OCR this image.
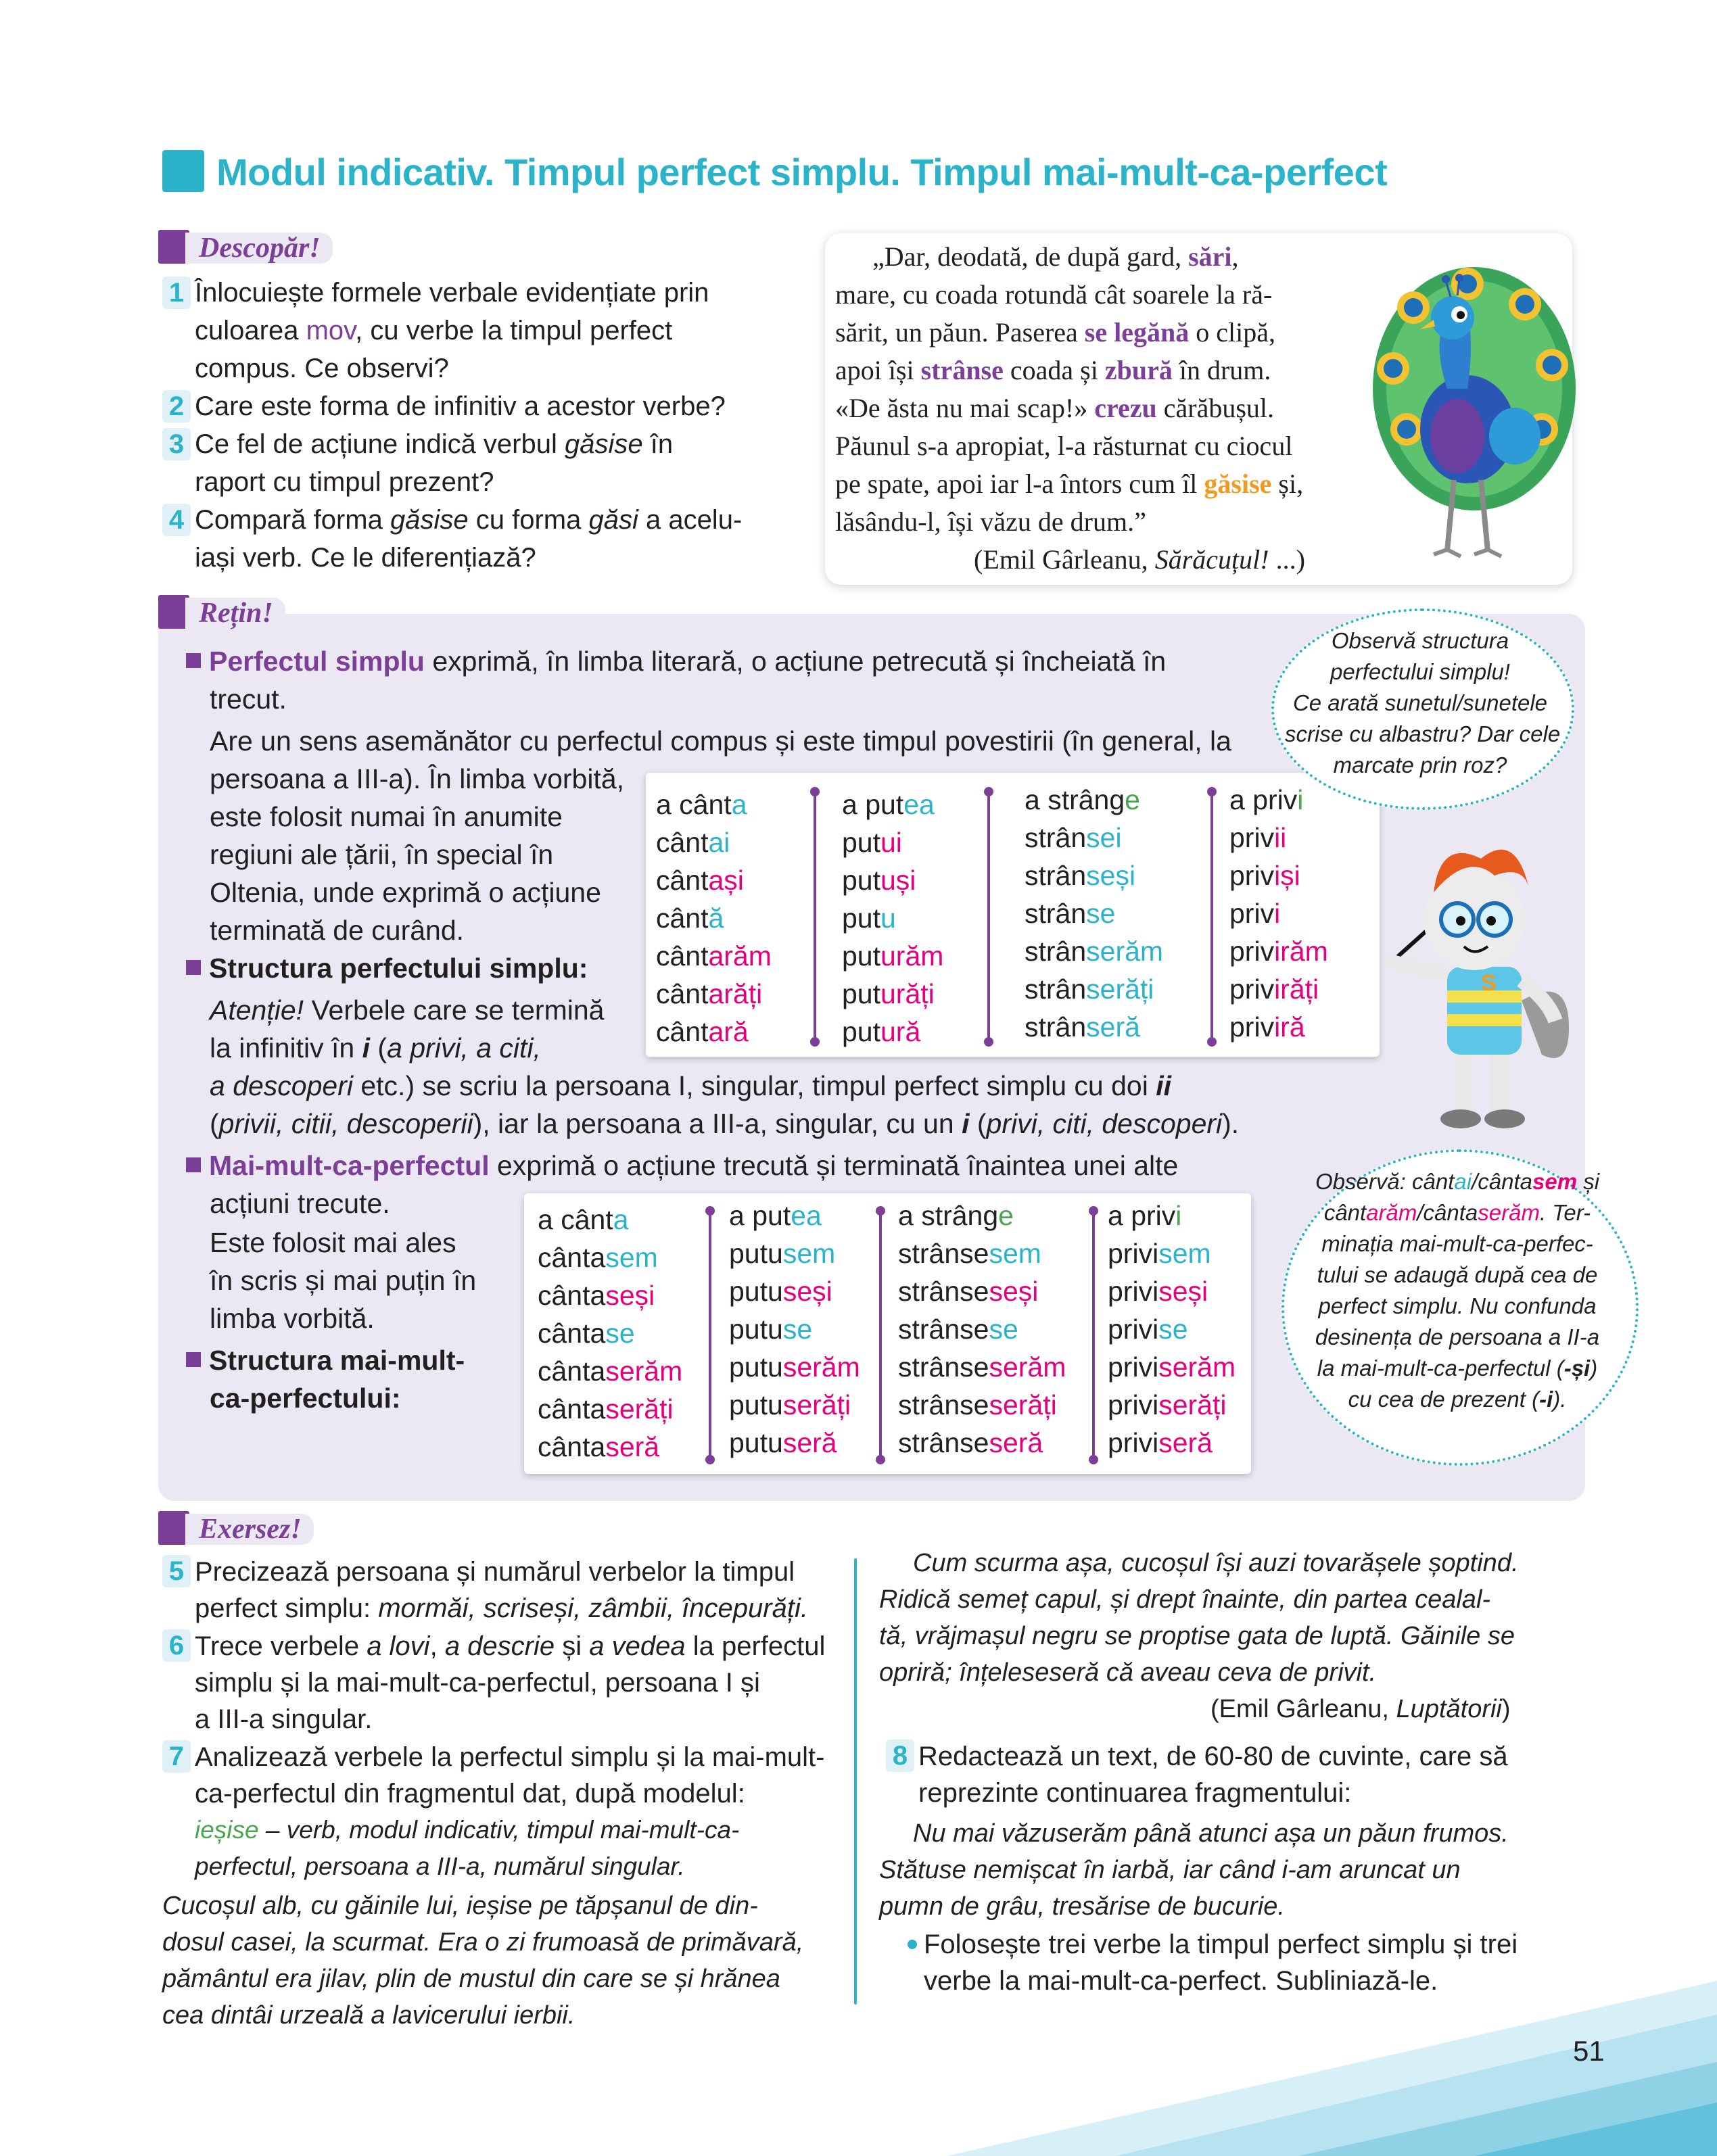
Modul indicativ. Timpul perfect simplu. Timpul mai-mult-ca-perfect
Descopăr!
1 Înlocuiește formele verbale evidențiate prin
culoarea mov, cu verbe la timpul perfect
compus. Ce observi?
2 Care este forma de infinitiv a acestor verbe?
3 Ce fel de acțiune indică verbul găsise în
raport cu timpul prezent?
4 Compară forma găsise cu forma găsi a acelu-
iași verb. Ce le diferențiază?
„Dar, deodată, de după gard, sări,
mare, cu coada rotundă cât soarele la ră-
sărit, un păun. Paserea se legănă o clipă,
apoi își strânse coada și zbură în drum.
«De ăsta nu mai scap!» crezu cărăbușul.
Păunul s-a apropiat, l-a răsturnat cu ciocul
pe spate, apoi iar l-a întors cum îl găsise și,
lăsându-l, își văzu de drum.”
(Emil Gârleanu, Sărăcuțul! ...)
Rețin!
Perfectul simplu exprimă, în limba literară, o acțiune petrecută și încheiată în
trecut.
Are un sens asemănător cu perfectul compus și este timpul povestirii (în general, la
persoana a III-a). În limba vorbită,
este folosit numai în anumite
regiuni ale țării, în special în
Oltenia, unde exprimă o acțiune
terminată de curând.
Structura perfectului simplu:
Atenție! Verbele care se termină
la infinitiv în i (a privi, a citi,
a descoperi etc.) se scriu la persoana I, singular, timpul perfect simplu cu doi ii
(privii, citii, descoperii), iar la persoana a III-a, singular, cu un i (privi, citi, descoperi).
Mai-mult-ca-perfectul exprimă o acțiune trecută și terminată înaintea unei alte
acțiuni trecute.
Este folosit mai ales
în scris și mai puțin în
limba vorbită.
Structura mai-mult-
ca-perfectului:
a cânta
cântai
cântași
cântă
cântarăm
cântarăți
cântară
a putea
putui
putuși
putu
puturăm
puturăți
putură
a strânge
strânsei
strânseși
strânse
strânserăm
strânserăți
strânseră
a privi
privii
priviși
privi
privirăm
privirăți
priviră
a cânta
cântasem
cântaseși
cântase
cântaserăm
cântaserăți
cântaseră
a putea
putusem
putuseși
putuse
putuserăm
putuserăți
putuseră
a strânge
strânsesem
strânseseși
strânsese
strânseserăm
strânseserăți
strânseseră
a privi
privisem
priviseși
privise
priviserăm
priviserăți
priviseră
Observă structura
perfectului simplu!
Ce arată sunetul/sunetele
scrise cu albastru? Dar cele
marcate prin roz?
S
Observă: cântai/cântasem și
cântarăm/cântaserăm. Ter-
minația mai-mult-ca-perfec-
tului se adaugă după cea de
perfect simplu. Nu confunda
desinența de persoana a II-a
la mai-mult-ca-perfectul (-și)
cu cea de prezent (-i).
Exersez!
5 Precizează persoana și numărul verbelor la timpul
perfect simplu: mormăi, scriseși, zâmbii, începurăți.
6 Trece verbele a lovi, a descrie și a vedea la perfectul
simplu și la mai-mult-ca-perfectul, persoana I și
a III-a singular.
7 Analizează verbele la perfectul simplu și la mai-mult-
ca-perfectul din fragmentul dat, după modelul:
ieșise – verb, modul indicativ, timpul mai-mult-ca-
perfectul, persoana a III-a, numărul singular.
Cucoșul alb, cu găinile lui, ieșise pe tăpșanul de din-
dosul casei, la scurmat. Era o zi frumoasă de primăvară,
pământul era jilav, plin de mustul din care se și hrănea
cea dintâi urzeală a lavicerului ierbii.
Cum scurma așa, cucoșul își auzi tovarășele șoptind.
Ridică semeț capul, și drept înainte, din partea cealal-
tă, vrăjmașul negru se proptise gata de luptă. Găinile se
opriră; înțeleseseră că aveau ceva de privit.
(Emil Gârleanu, Luptătorii)
8 Redactează un text, de 60-80 de cuvinte, care să
reprezinte continuarea fragmentului:
Nu mai văzuserăm până atunci așa un păun frumos.
Stătuse nemișcat în iarbă, iar când i-am aruncat un
pumn de grâu, tresărise de bucurie.
Folosește trei verbe la timpul perfect simplu și trei
verbe la mai-mult-ca-perfect. Subliniază-le.
51
